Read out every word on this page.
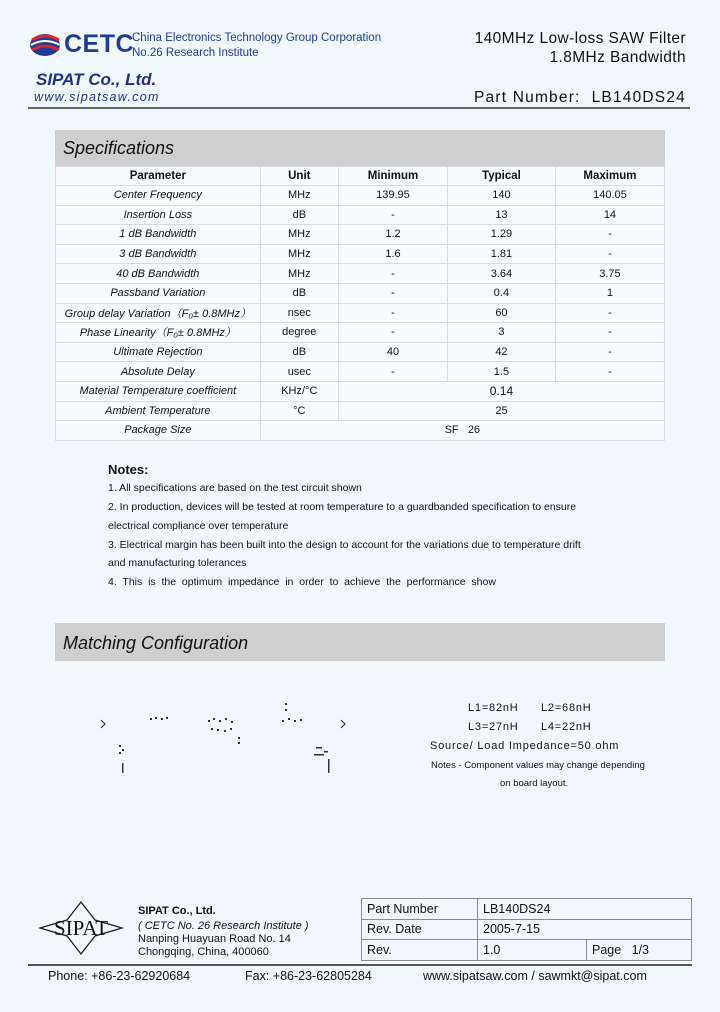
CETC
China Electronics Technology Group Corporation
No.26 Research Institute
SIPAT Co., Ltd.
www.sipatsaw.com
140MHz Low-loss SAW Filter
1.8MHz Bandwidth
Part Number: LB140DS24
Specifications
Parameter	Unit	Minimum	Typical	Maximum
Center Frequency	MHz	139.95	140	140.05
Insertion Loss	dB	-	13	14
1 dB Bandwidth	MHz	1.2	1.29	-
3 dB Bandwidth	MHz	1.6	1.81	-
40 dB Bandwidth	MHz	-	3.64	3.75
Passband Variation	dB	-	0.4	1
Group delay Variation（F₀± 0.8MHz）	nsec	-	60	-
Phase Linearity（F₀± 0.8MHz）	degree	-	3	-
Ultimate Rejection	dB	40	42	-
Absolute Delay	usec	-	1.5	-
Material Temperature coefficient	KHz/°C	0.14		
Ambient Temperature	°C	25		
Package Size	SF   26			
Notes:
1. All specifications are based on the test circuit shown
2. In production, devices will be tested at room temperature to a guardbanded specification to ensure
electrical compliance over temperature
3. Electrical margin has been built into the design to account for the variations due to temperature drift
and manufacturing tolerances
4.  This  is  the  optimum  impedance  in  order  to  achieve  the  performance  show
Matching Configuration
L1=82nH L2=68nH
L3=27nH L4=22nH
Source/ Load Impedance=50 ohm
Notes - Component values may change depending
on board layout.
SIPAT
SIPAT Co., Ltd.
( CETC No. 26 Research Institute )
Nanping Huayuan Road No. 14
Chongqing, China, 400060
Part Number	LB140DS24	
Rev. Date	2005-7-15	
Rev.	1.0	Page 1/3
Phone: +86-23-62920684	Fax: +86-23-62805284	www.sipatsaw.com / sawmkt@sipat.com
